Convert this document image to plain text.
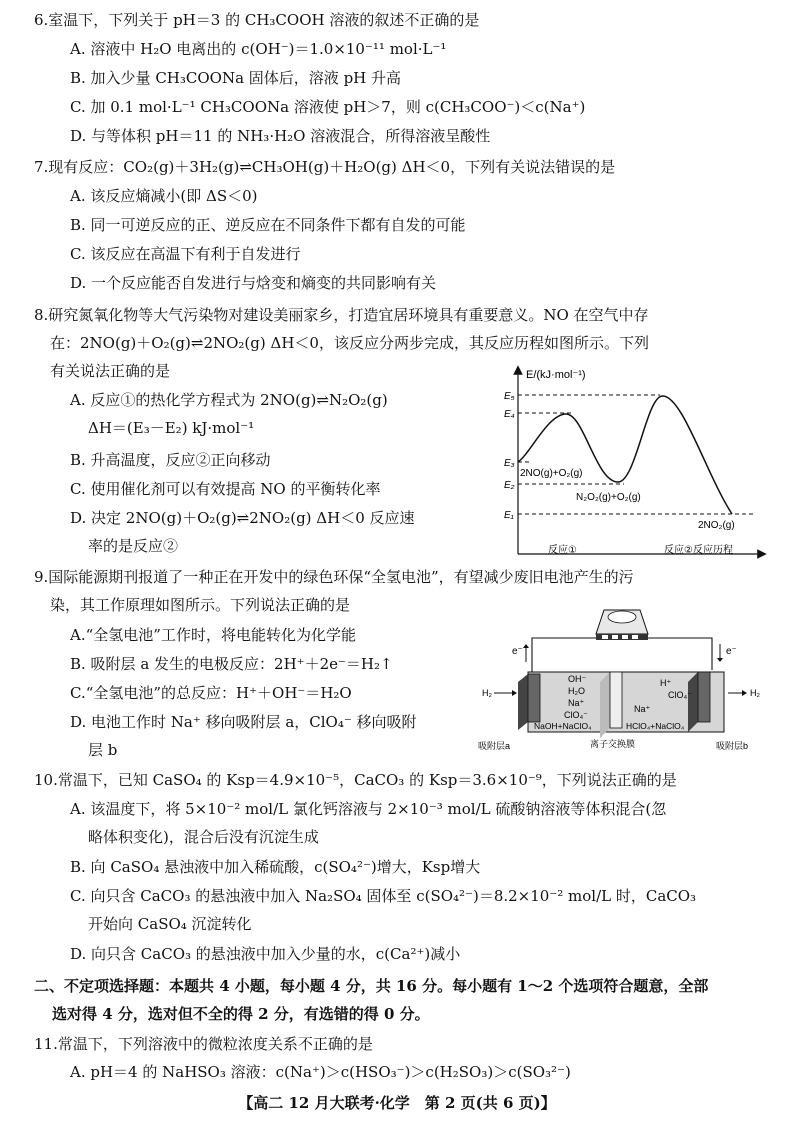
6.室温下，下列关于 pH＝3 的 CH₃COOH 溶液的叙述不正确的是
A. 溶液中 H₂O 电离出的 c(OH⁻)＝1.0×10⁻¹¹ mol·L⁻¹
B. 加入少量 CH₃COONa 固体后，溶液 pH 升高
C. 加 0.1 mol·L⁻¹ CH₃COONa 溶液使 pH＞7，则 c(CH₃COO⁻)＜c(Na⁺)
D. 与等体积 pH＝11 的 NH₃·H₂O 溶液混合，所得溶液呈酸性
7.现有反应：CO₂(g)＋3H₂(g)⇌CH₃OH(g)＋H₂O(g) ΔH＜0，下列有关说法错误的是
A. 该反应熵减小(即 ΔS＜0)
B. 同一可逆反应的正、逆反应在不同条件下都有自发的可能
C. 该反应在高温下有利于自发进行
D. 一个反应能否自发进行与焓变和熵变的共同影响有关
8.研究氮氧化物等大气污染物对建设美丽家乡，打造宜居环境具有重要意义。NO 在空气中存
在：2NO(g)＋O₂(g)⇌2NO₂(g) ΔH＜0，该反应分两步完成，其反应历程如图所示。下列
有关说法正确的是
A. 反应①的热化学方程式为 2NO(g)⇌N₂O₂(g)
ΔH＝(E₃－E₂) kJ·mol⁻¹
B. 升高温度，反应②正向移动
C. 使用催化剂可以有效提高 NO 的平衡转化率
D. 决定 2NO(g)＋O₂(g)⇌2NO₂(g) ΔH＜0 反应速
率的是反应②
E/(kJ·mol⁻¹)
E₅
E₄
E₃
E₂
E₁
2NO(g)+O₂(g)
N₂O₂(g)+O₂(g)
2NO₂(g)
反应①	反应②反应历程
9.国际能源期刊报道了一种正在开发中的绿色环保“全氢电池”，有望减少废旧电池产生的污
染，其工作原理如图所示。下列说法正确的是
A.“全氢电池”工作时，将电能转化为化学能
B. 吸附层 a 发生的电极反应：2H⁺＋2e⁻＝H₂↑
C.“全氢电池”的总反应：H⁺＋OH⁻＝H₂O
D. 电池工作时 Na⁺ 移向吸附层 a，ClO₄⁻ 移向吸附
层 b
e⁻	e⁻
H₂	H₂
OH⁻
H₂O
Na⁺
ClO₄⁻
H⁺
ClO₄⁻
Na⁺
NaOH+NaClO₄	HClO₄+NaClO₄
吸附层a	离子交换膜	吸附层b
10.常温下，已知 CaSO₄ 的 Ksp＝4.9×10⁻⁵，CaCO₃ 的 Ksp＝3.6×10⁻⁹，下列说法正确的是
A. 该温度下，将 5×10⁻² mol/L 氯化钙溶液与 2×10⁻³ mol/L 硫酸钠溶液等体积混合(忽
略体积变化)，混合后没有沉淀生成
B. 向 CaSO₄ 悬浊液中加入稀硫酸，c(SO₄²⁻)增大，Ksp增大
C. 向只含 CaCO₃ 的悬浊液中加入 Na₂SO₄ 固体至 c(SO₄²⁻)＝8.2×10⁻² mol/L 时，CaCO₃
开始向 CaSO₄ 沉淀转化
D. 向只含 CaCO₃ 的悬浊液中加入少量的水，c(Ca²⁺)减小
二、不定项选择题：本题共 4 小题，每小题 4 分，共 16 分。每小题有 1～2 个选项符合题意，全部
选对得 4 分，选对但不全的得 2 分，有选错的得 0 分。
11.常温下，下列溶液中的微粒浓度关系不正确的是
A. pH＝4 的 NaHSO₃ 溶液：c(Na⁺)＞c(HSO₃⁻)＞c(H₂SO₃)＞c(SO₃²⁻)
【高二 12 月大联考·化学　第 2 页(共 6 页)】
